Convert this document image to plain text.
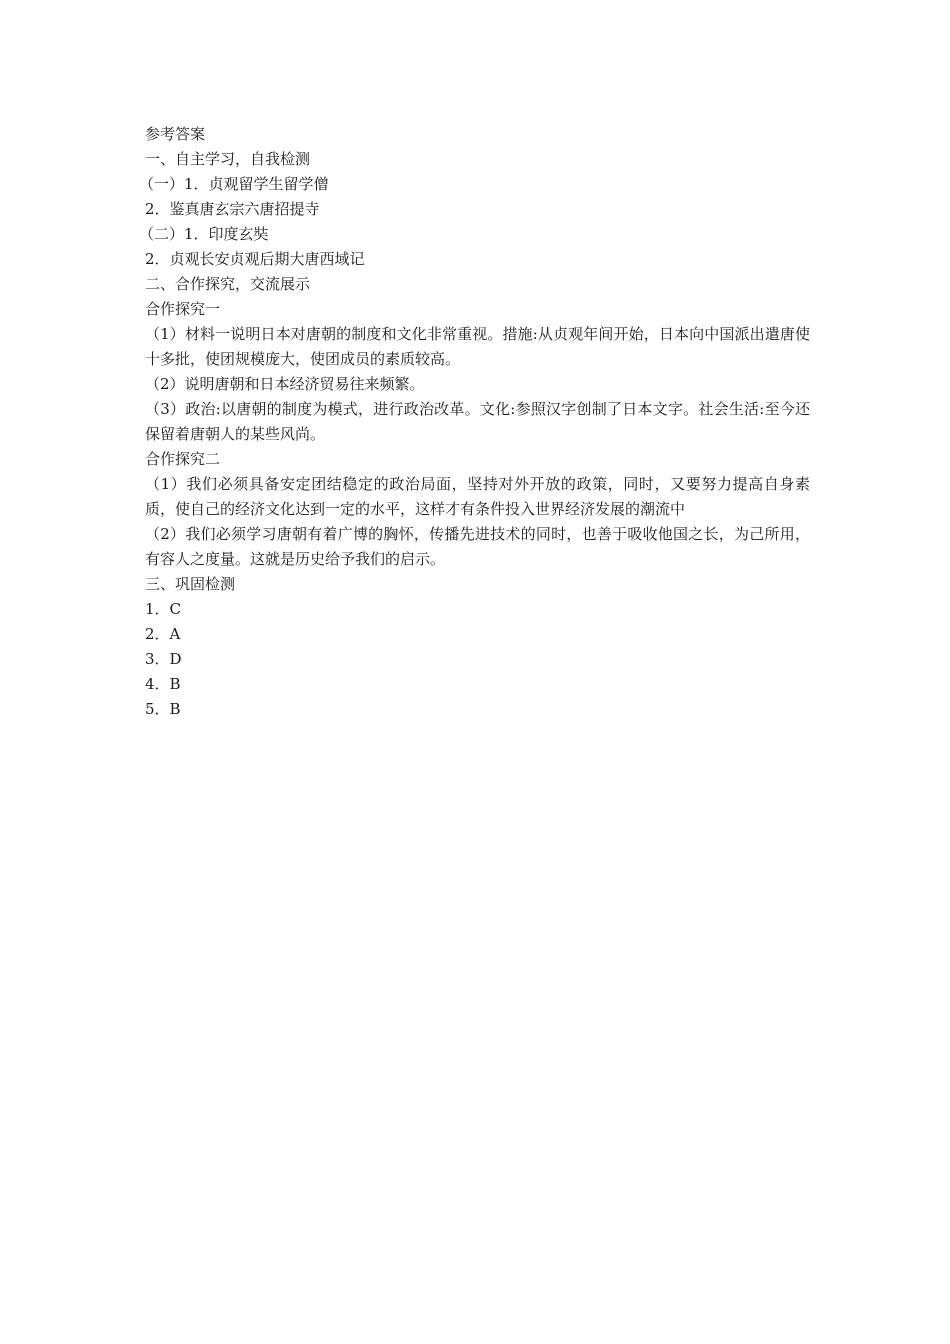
参考答案

一、自主学习，自我检测

（一）1．贞观留学生留学僧

2．鉴真唐玄宗六唐招提寺

（二）1．印度玄奘

2．贞观长安贞观后期大唐西域记

二、合作探究，交流展示

合作探究一

（1）材料一说明日本对唐朝的制度和文化非常重视。措施:从贞观年间开始，日本向中国派出遣唐使十多批，使团规模庞大，使团成员的素质较高。

（2）说明唐朝和日本经济贸易往来频繁。

（3）政治:以唐朝的制度为模式，进行政治改革。文化:参照汉字创制了日本文字。社会生活:至今还保留着唐朝人的某些风尚。

合作探究二

（1）我们必须具备安定团结稳定的政治局面，坚持对外开放的政策，同时，又要努力提高自身素质，使自己的经济文化达到一定的水平，这样才有条件投入世界经济发展的潮流中

（2）我们必须学习唐朝有着广博的胸怀，传播先进技术的同时，也善于吸收他国之长，为己所用，有容人之度量。这就是历史给予我们的启示。

三、巩固检测

1．C

2．A

3．D

4．B

5．B
